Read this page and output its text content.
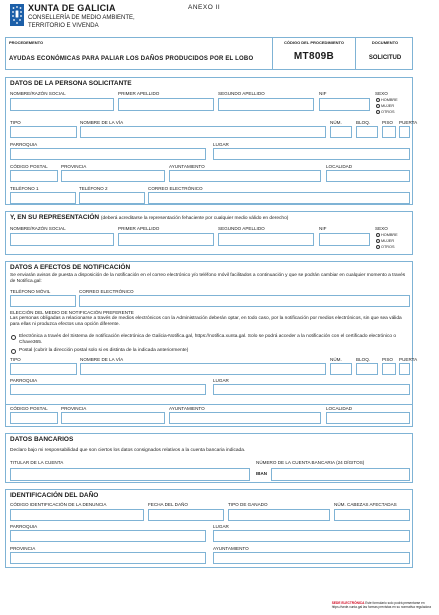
XUNTA DE GALICIA
CONSELLERÍA DE MEDIO AMBIENTE,
TERRITORIO E VIVENDA
ANEXO II
PROCEDEMENTO
AYUDAS ECONÓMICAS PARA PALIAR LOS DAÑOS PRODUCIDOS POR EL LOBO
CÓDIGO DEL PROCEDIMIENTO
MT809B
DOCUMENTO
SOLICITUD
DATOS DE LA PERSONA SOLICITANTE
NOMBRE/RAZÓN SOCIAL	PRIMER APELLIDO	SEGUNDO APELLIDO	NIF	SEXO
HOMBRE
MUJER
OTROS
TIPO	NOMBRE DE LA VÍA	NÚM.	BLOQ.	PISO PUERTA
PARROQUIA	LUGAR
CÓDIGO POSTAL	PROVINCIA	AYUNTAMIENTO	LOCALIDAD
TELÉFONO 1	TELÉFONO 2	CORREO ELECTRÓNICO
Y, EN SU REPRESENTACIÓN (deberá acreditarse la representación fehaciente por cualquier medio válido en derecho)
NOMBRE/RAZÓN SOCIAL	PRIMER APELLIDO	SEGUNDO APELLIDO	NIF	SEXO
HOMBRE
MUJER
OTROS
DATOS A EFECTOS DE NOTIFICACIÓN
Se enviarán avisos de puesta a disposición de la notificación en el correo electrónico y/o teléfono móvil facilitados a continuación y que se podrán cambiar en cualquier momento a través de Notifica.gal:
TELÉFONO MÓVIL	CORREO ELECTRÓNICO
ELECCIÓN DEL MEDIO DE NOTIFICACIÓN PREFERENTE
Las personas obligadas a relacionarse a través de medios electrónicos con la Administración deberán optar, en todo caso, por la notificación por medios electrónicos, sin que sea válida para ellas ni produzca efectos una opción diferente.
Electrónica a través del Sistema de notificación electrónica de Galicia-Notifica.gal, https://notifica.xunta.gal. Solo se podrá acceder a la notificación con el certificado electrónico o Chave365.
Postal (cubrir la dirección postal solo si es distinta de la indicada anteriormente)
TIPO	NOMBRE DE LA VÍA	NÚM.	BLOQ.	PISO PUERTA
PARROQUIA	LUGAR
CÓDIGO POSTAL	PROVINCIA	AYUNTAMIENTO	LOCALIDAD
DATOS BANCARIOS
Declaro bajo mi responsabilidad que son ciertos los datos consignados relativos a la cuenta bancaria indicada.
TITULAR DE LA CUENTA	NÚMERO DE LA CUENTA BANCARIA (24 DÍGITOS)
IBAN
IDENTIFICACIÓN DEL DAÑO
CÓDIGO IDENTIFICACIÓN DE LA DENUNCIA	FECHA DEL DAÑO	TIPO DE GANADO	NÚM. CABEZAS AFECTADAS
PARROQUIA	LUGAR
PROVINCIA	AYUNTAMIENTO
SEDE ELECTRÓNICA Este formulario solo podrá presentarse en
https://sede.xunta.gal las formas previstas en su normativa reguladora
